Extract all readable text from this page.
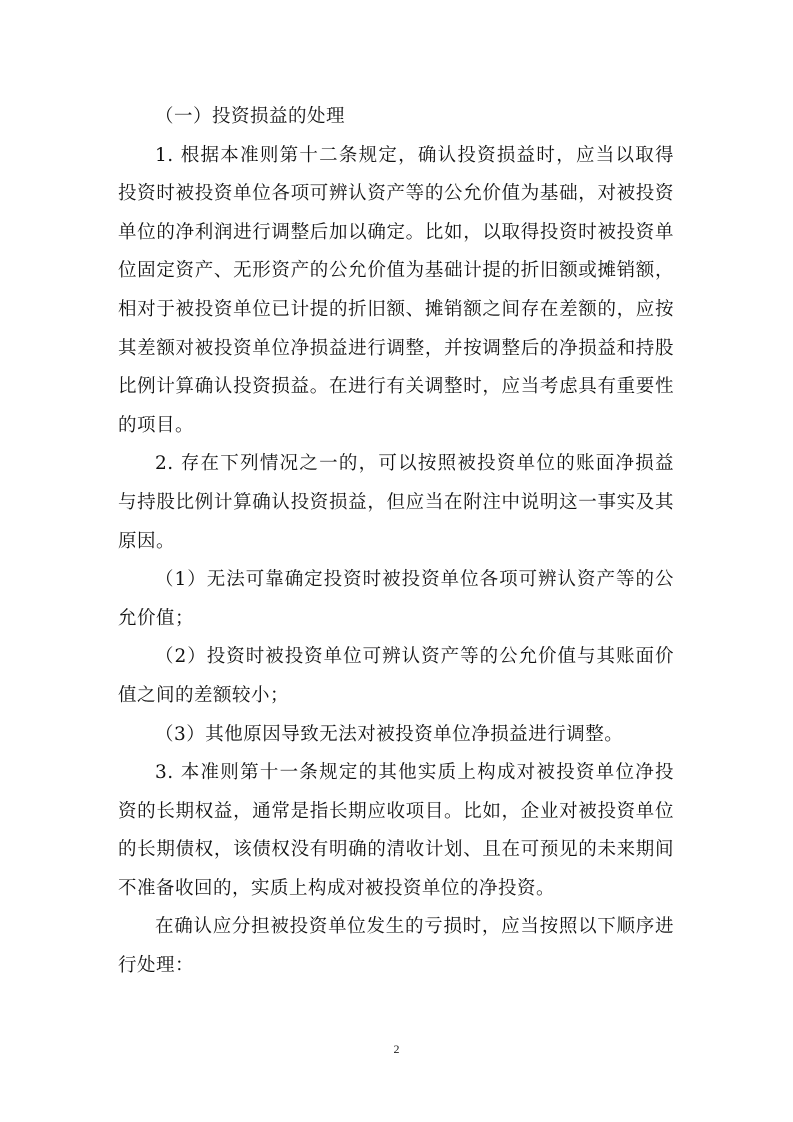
（一）投资损益的处理

1. 根据本准则第十二条规定，确认投资损益时，应当以取得投资时被投资单位各项可辨认资产等的公允价值为基础，对被投资单位的净利润进行调整后加以确定。比如，以取得投资时被投资单位固定资产、无形资产的公允价值为基础计提的折旧额或摊销额，相对于被投资单位已计提的折旧额、摊销额之间存在差额的，应按其差额对被投资单位净损益进行调整，并按调整后的净损益和持股比例计算确认投资损益。在进行有关调整时，应当考虑具有重要性的项目。

2. 存在下列情况之一的，可以按照被投资单位的账面净损益与持股比例计算确认投资损益，但应当在附注中说明这一事实及其原因。

（1）无法可靠确定投资时被投资单位各项可辨认资产等的公允价值；

（2）投资时被投资单位可辨认资产等的公允价值与其账面价值之间的差额较小；

（3）其他原因导致无法对被投资单位净损益进行调整。

3. 本准则第十一条规定的其他实质上构成对被投资单位净投资的长期权益，通常是指长期应收项目。比如，企业对被投资单位的长期债权，该债权没有明确的清收计划、且在可预见的未来期间不准备收回的，实质上构成对被投资单位的净投资。

在确认应分担被投资单位发生的亏损时，应当按照以下顺序进行处理：

2
